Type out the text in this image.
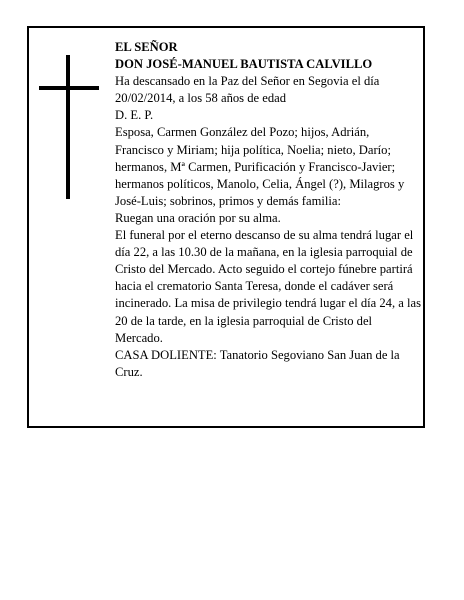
EL SEÑOR

DON JOSÉ-MANUEL BAUTISTA CALVILLO

Ha descansado en la Paz del Señor en Segovia el día 20/02/2014, a los 58 años de edad

D. E. P.

Esposa, Carmen González del Pozo; hijos, Adrián, Francisco y Miriam; hija política, Noelia; nieto, Darío; hermanos, Mª Carmen, Purificación y Francisco-Javier; hermanos políticos, Manolo, Celia, Ángel (?), Milagros y José-Luis; sobrinos, primos y demás familia:

Ruegan una oración por su alma.

El funeral por el eterno descanso de su alma tendrá lugar el día 22, a las 10.30 de la mañana, en la iglesia parroquial de Cristo del Mercado. Acto seguido el cortejo fúnebre partirá hacia el crematorio Santa Teresa, donde el cadáver será incinerado. La misa de privilegio tendrá lugar el día 24, a las 20 de la tarde, en la iglesia parroquial de Cristo del Mercado.

CASA DOLIENTE: Tanatorio Segoviano San Juan de la Cruz.
